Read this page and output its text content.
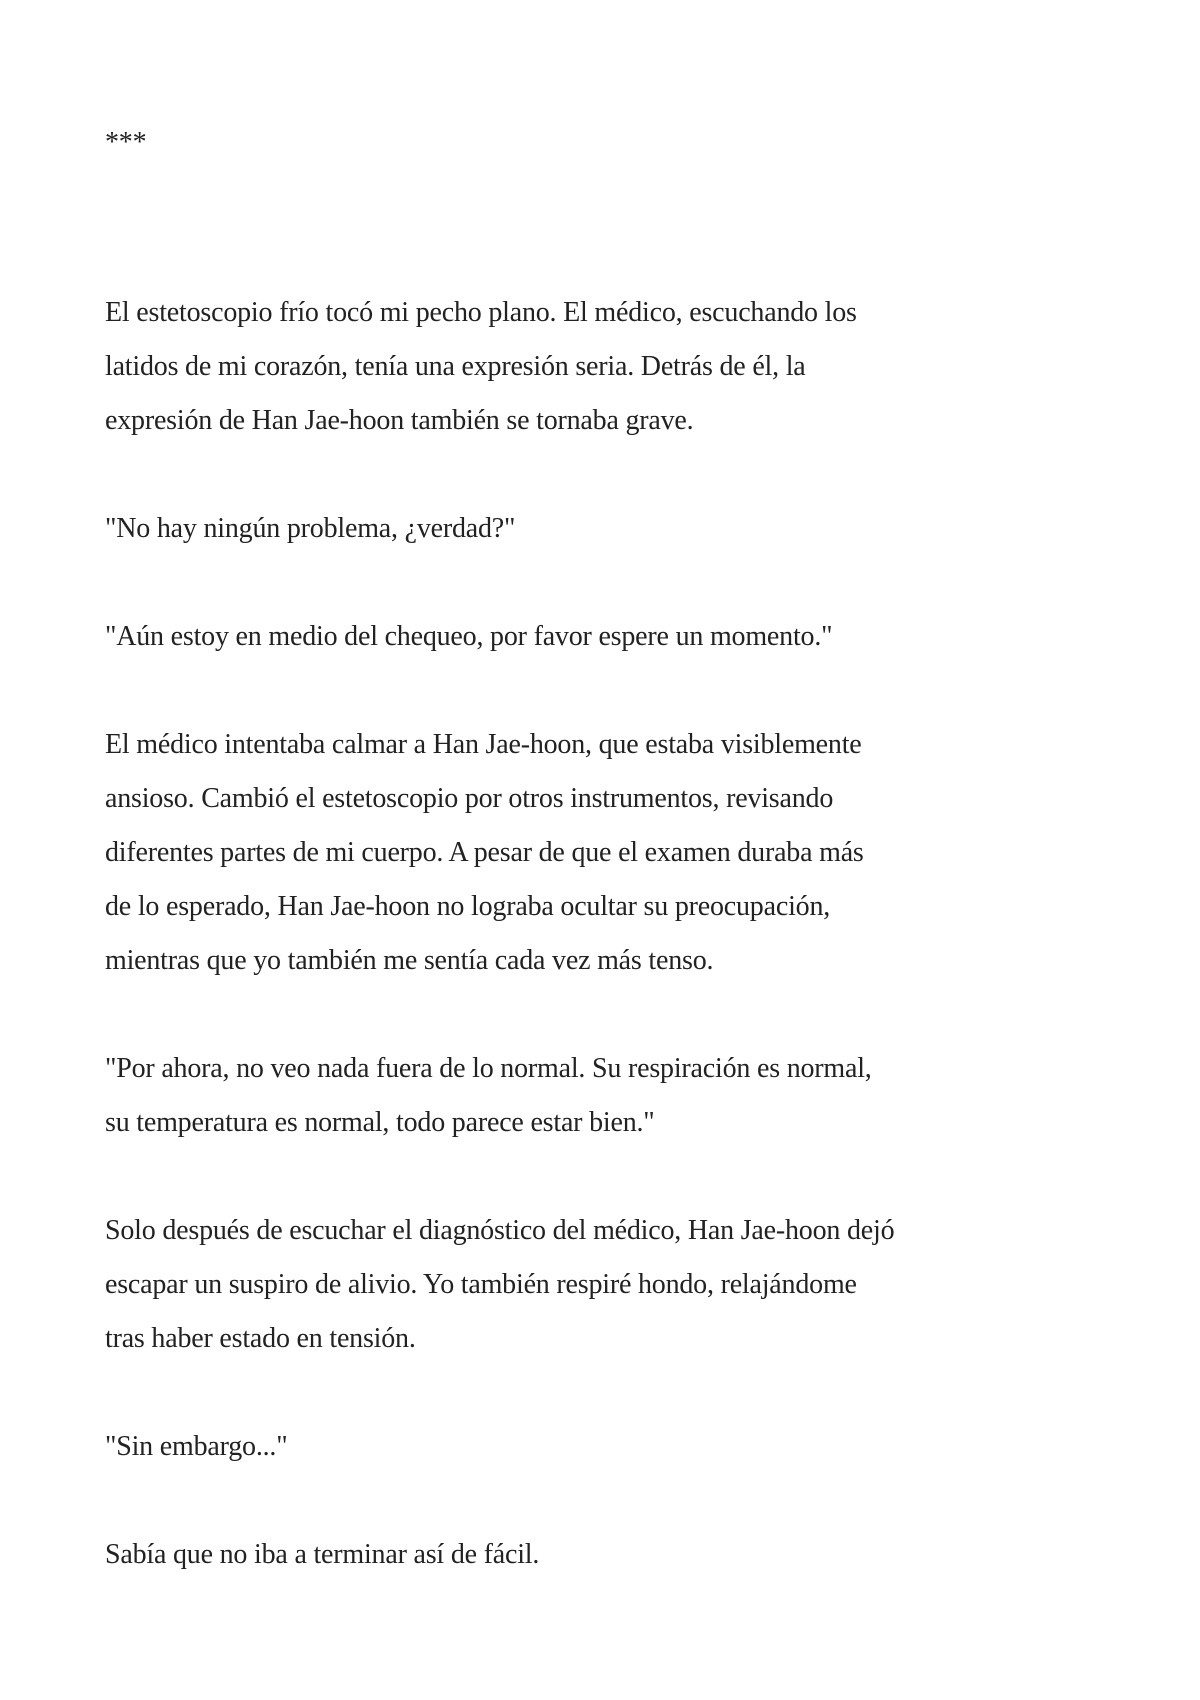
***

El estetoscopio frío tocó mi pecho plano. El médico, escuchando los
latidos de mi corazón, tenía una expresión seria. Detrás de él, la
expresión de Han Jae-hoon también se tornaba grave.

"No hay ningún problema, ¿verdad?"

"Aún estoy en medio del chequeo, por favor espere un momento."

El médico intentaba calmar a Han Jae-hoon, que estaba visiblemente
ansioso. Cambió el estetoscopio por otros instrumentos, revisando
diferentes partes de mi cuerpo. A pesar de que el examen duraba más
de lo esperado, Han Jae-hoon no lograba ocultar su preocupación,
mientras que yo también me sentía cada vez más tenso.

"Por ahora, no veo nada fuera de lo normal. Su respiración es normal,
su temperatura es normal, todo parece estar bien."

Solo después de escuchar el diagnóstico del médico, Han Jae-hoon dejó
escapar un suspiro de alivio. Yo también respiré hondo, relajándome
tras haber estado en tensión.

"Sin embargo..."

Sabía que no iba a terminar así de fácil.
